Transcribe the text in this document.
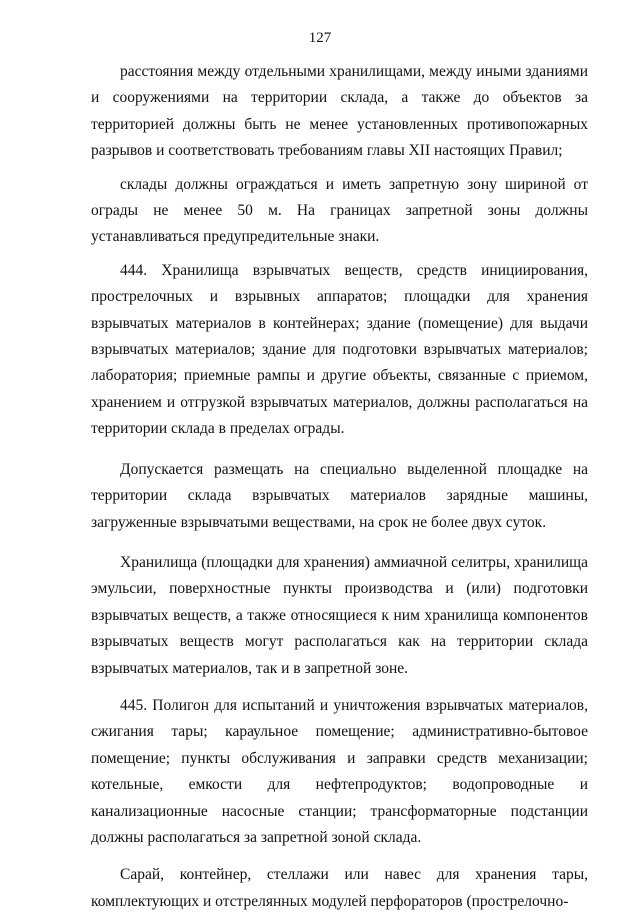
127

расстояния между отдельными хранилищами, между иными зданиями и сооружениями на территории склада, а также до объектов за территорией должны быть не менее установленных противопожарных разрывов и соответствовать требованиям главы XII настоящих Правил;

склады должны ограждаться и иметь запретную зону шириной от ограды не менее 50 м. На границах запретной зоны должны устанавливаться предупредительные знаки.

444. Хранилища взрывчатых веществ, средств инициирования, прострелочных и взрывных аппаратов; площадки для хранения взрывчатых материалов в контейнерах; здание (помещение) для выдачи взрывчатых материалов; здание для подготовки взрывчатых материалов; лаборатория; приемные рампы и другие объекты, связанные с приемом, хранением и отгрузкой взрывчатых материалов, должны располагаться на территории склада в пределах ограды.

Допускается размещать на специально выделенной площадке на территории склада взрывчатых материалов зарядные машины, загруженные взрывчатыми веществами, на срок не более двух суток.

Хранилища (площадки для хранения) аммиачной селитры, хранилища эмульсии, поверхностные пункты производства и (или) подготовки взрывчатых веществ, а также относящиеся к ним хранилища компонентов взрывчатых веществ могут располагаться как на территории склада взрывчатых материалов, так и в запретной зоне.

445. Полигон для испытаний и уничтожения взрывчатых материалов, сжигания тары; караульное помещение; административно-бытовое помещение; пункты обслуживания и заправки средств механизации; котельные, емкости для нефтепродуктов; водопроводные и канализационные насосные станции; трансформаторные подстанции должны располагаться за запретной зоной склада.

Сарай, контейнер, стеллажи или навес для хранения тары, комплектующих и отстрелянных модулей перфораторов (прострелочно-
